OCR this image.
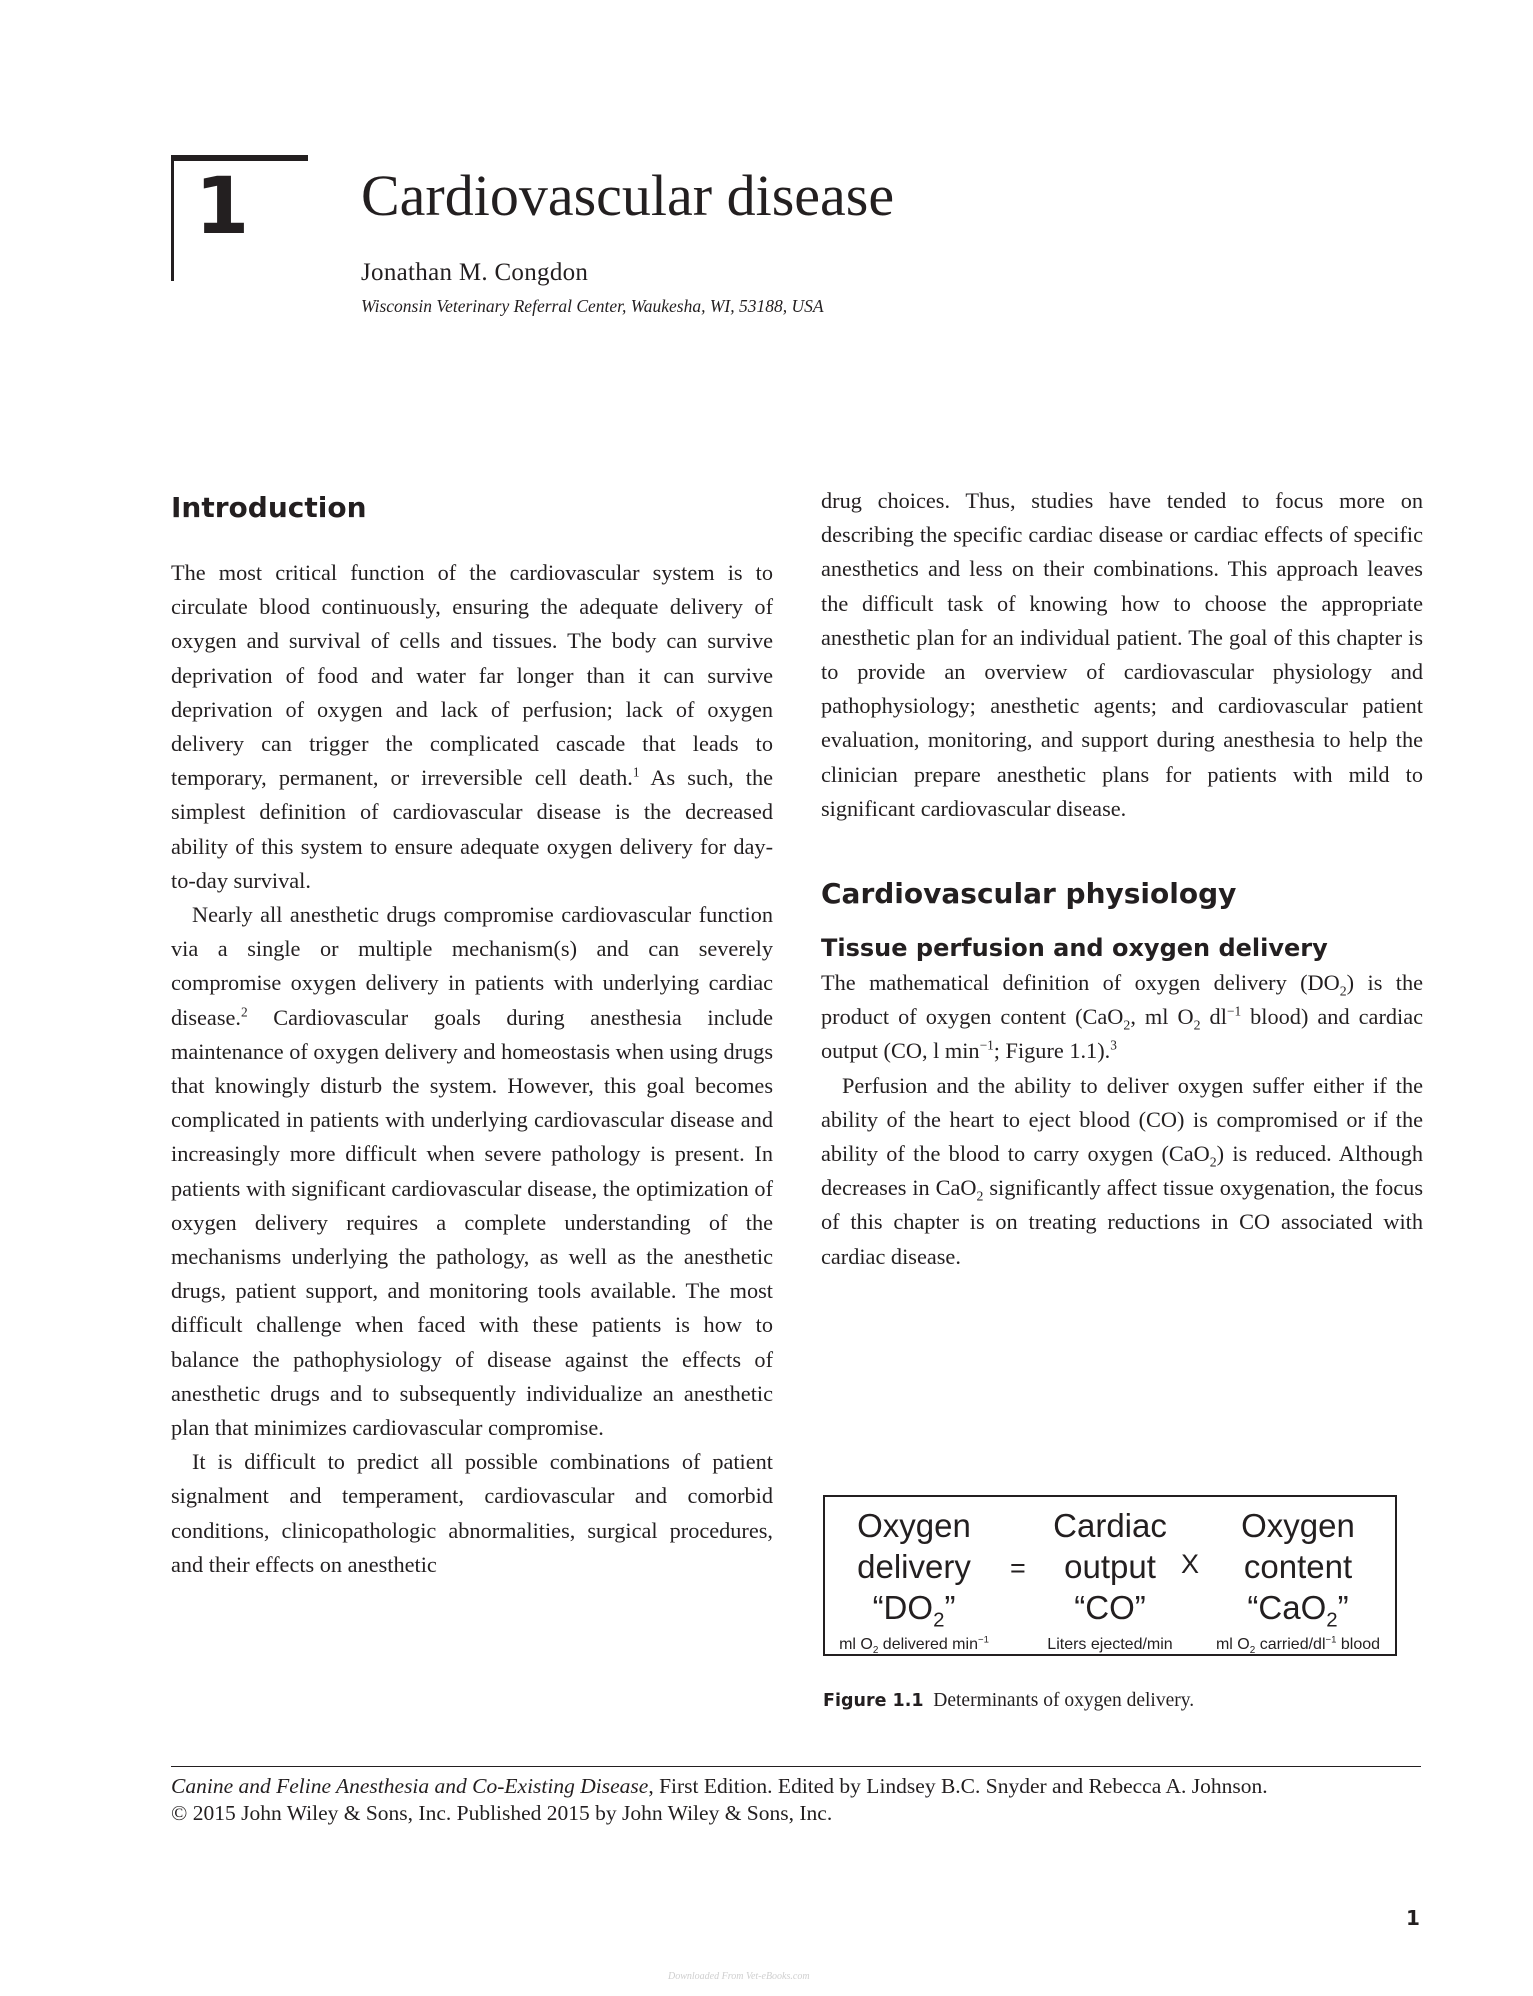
1 Cardiovascular disease
Jonathan M. Congdon
Wisconsin Veterinary Referral Center, Waukesha, WI, 53188, USA
Introduction

The most critical function of the cardiovascular system is to circulate blood continuously, ensuring the adequate delivery of oxygen and survival of cells and tissues. The body can survive deprivation of food and water far longer than it can survive deprivation of oxygen and lack of perfusion; lack of oxygen delivery can trigger the complicated cascade that leads to temporary, permanent, or irreversible cell death.$^1$ As such, the simplest definition of cardiovascular disease is the decreased ability of this system to ensure adequate oxygen delivery for day-to-day survival.

Nearly all anesthetic drugs compromise cardiovascular function via a single or multiple mechanism(s) and can severely compromise oxygen delivery in patients with underlying cardiac disease.$^2$ Cardiovascular goals during anesthesia include maintenance of oxygen delivery and homeostasis when using drugs that knowingly disturb the system. However, this goal becomes complicated in patients with underlying cardiovascular disease and increasingly more difficult when severe pathology is present. In patients with significant cardiovascular disease, the optimization of oxygen delivery requires a complete understanding of the mechanisms underlying the pathology, as well as the anesthetic drugs, patient support, and monitoring tools available. The most difficult challenge when faced with these patients is how to balance the pathophysiology of disease against the effects of anesthetic drugs and to subsequently individualize an anesthetic plan that minimizes cardiovascular compromise.

It is difficult to predict all possible combinations of patient signalment and temperament, cardiovascular and comorbid conditions, clinicopathologic abnormalities, surgical procedures, and their effects on anesthetic

drug choices. Thus, studies have tended to focus more on describing the specific cardiac disease or cardiac effects of specific anesthetics and less on their combinations. This approach leaves the difficult task of knowing how to choose the appropriate anesthetic plan for an individual patient. The goal of this chapter is to provide an overview of cardiovascular physiology and pathophysiology; anesthetic agents; and cardiovascular patient evaluation, monitoring, and support during anesthesia to help the clinician prepare anesthetic plans for patients with mild to significant cardiovascular disease.

Cardiovascular physiology
Tissue perfusion and oxygen delivery

The mathematical definition of oxygen delivery $(DO_2)$ is the product of oxygen content (CaO$_2$, ml $O_2$ $dl^{-1}$ blood) and cardiac output (CO, l $\min^{-1}$; Figure 1.1).$^3$

Perfusion and the ability to deliver oxygen suffer either if the ability of the heart to eject blood (CO) is compromised or if the ability of the blood to carry oxygen (CaO$_2$) is reduced. Although decreases in CaO$_2$ significantly affect tissue oxygenation, the focus of this chapter is on treating reductions in CO associated with cardiac disease.

Oxygen
delivery
“$DO_2$”
ml $O_2$ delivered $\min^{-1}$
=
Cardiac
output
“CO”
Liters ejected/min
X
Oxygen
content
“CaO$_2$”
ml $O_2$ carried/$dl^{-1}$ blood
Figure 1.1 Determinants of oxygen delivery.
Canine and Feline Anesthesia and Co-Existing Disease, First Edition. Edited by Lindsey B.C. Snyder and Rebecca A. Johnson.
© 2015 John Wiley & Sons, Inc. Published 2015 by John Wiley & Sons, Inc.
1
Downloaded From Vet-eBooks.com
